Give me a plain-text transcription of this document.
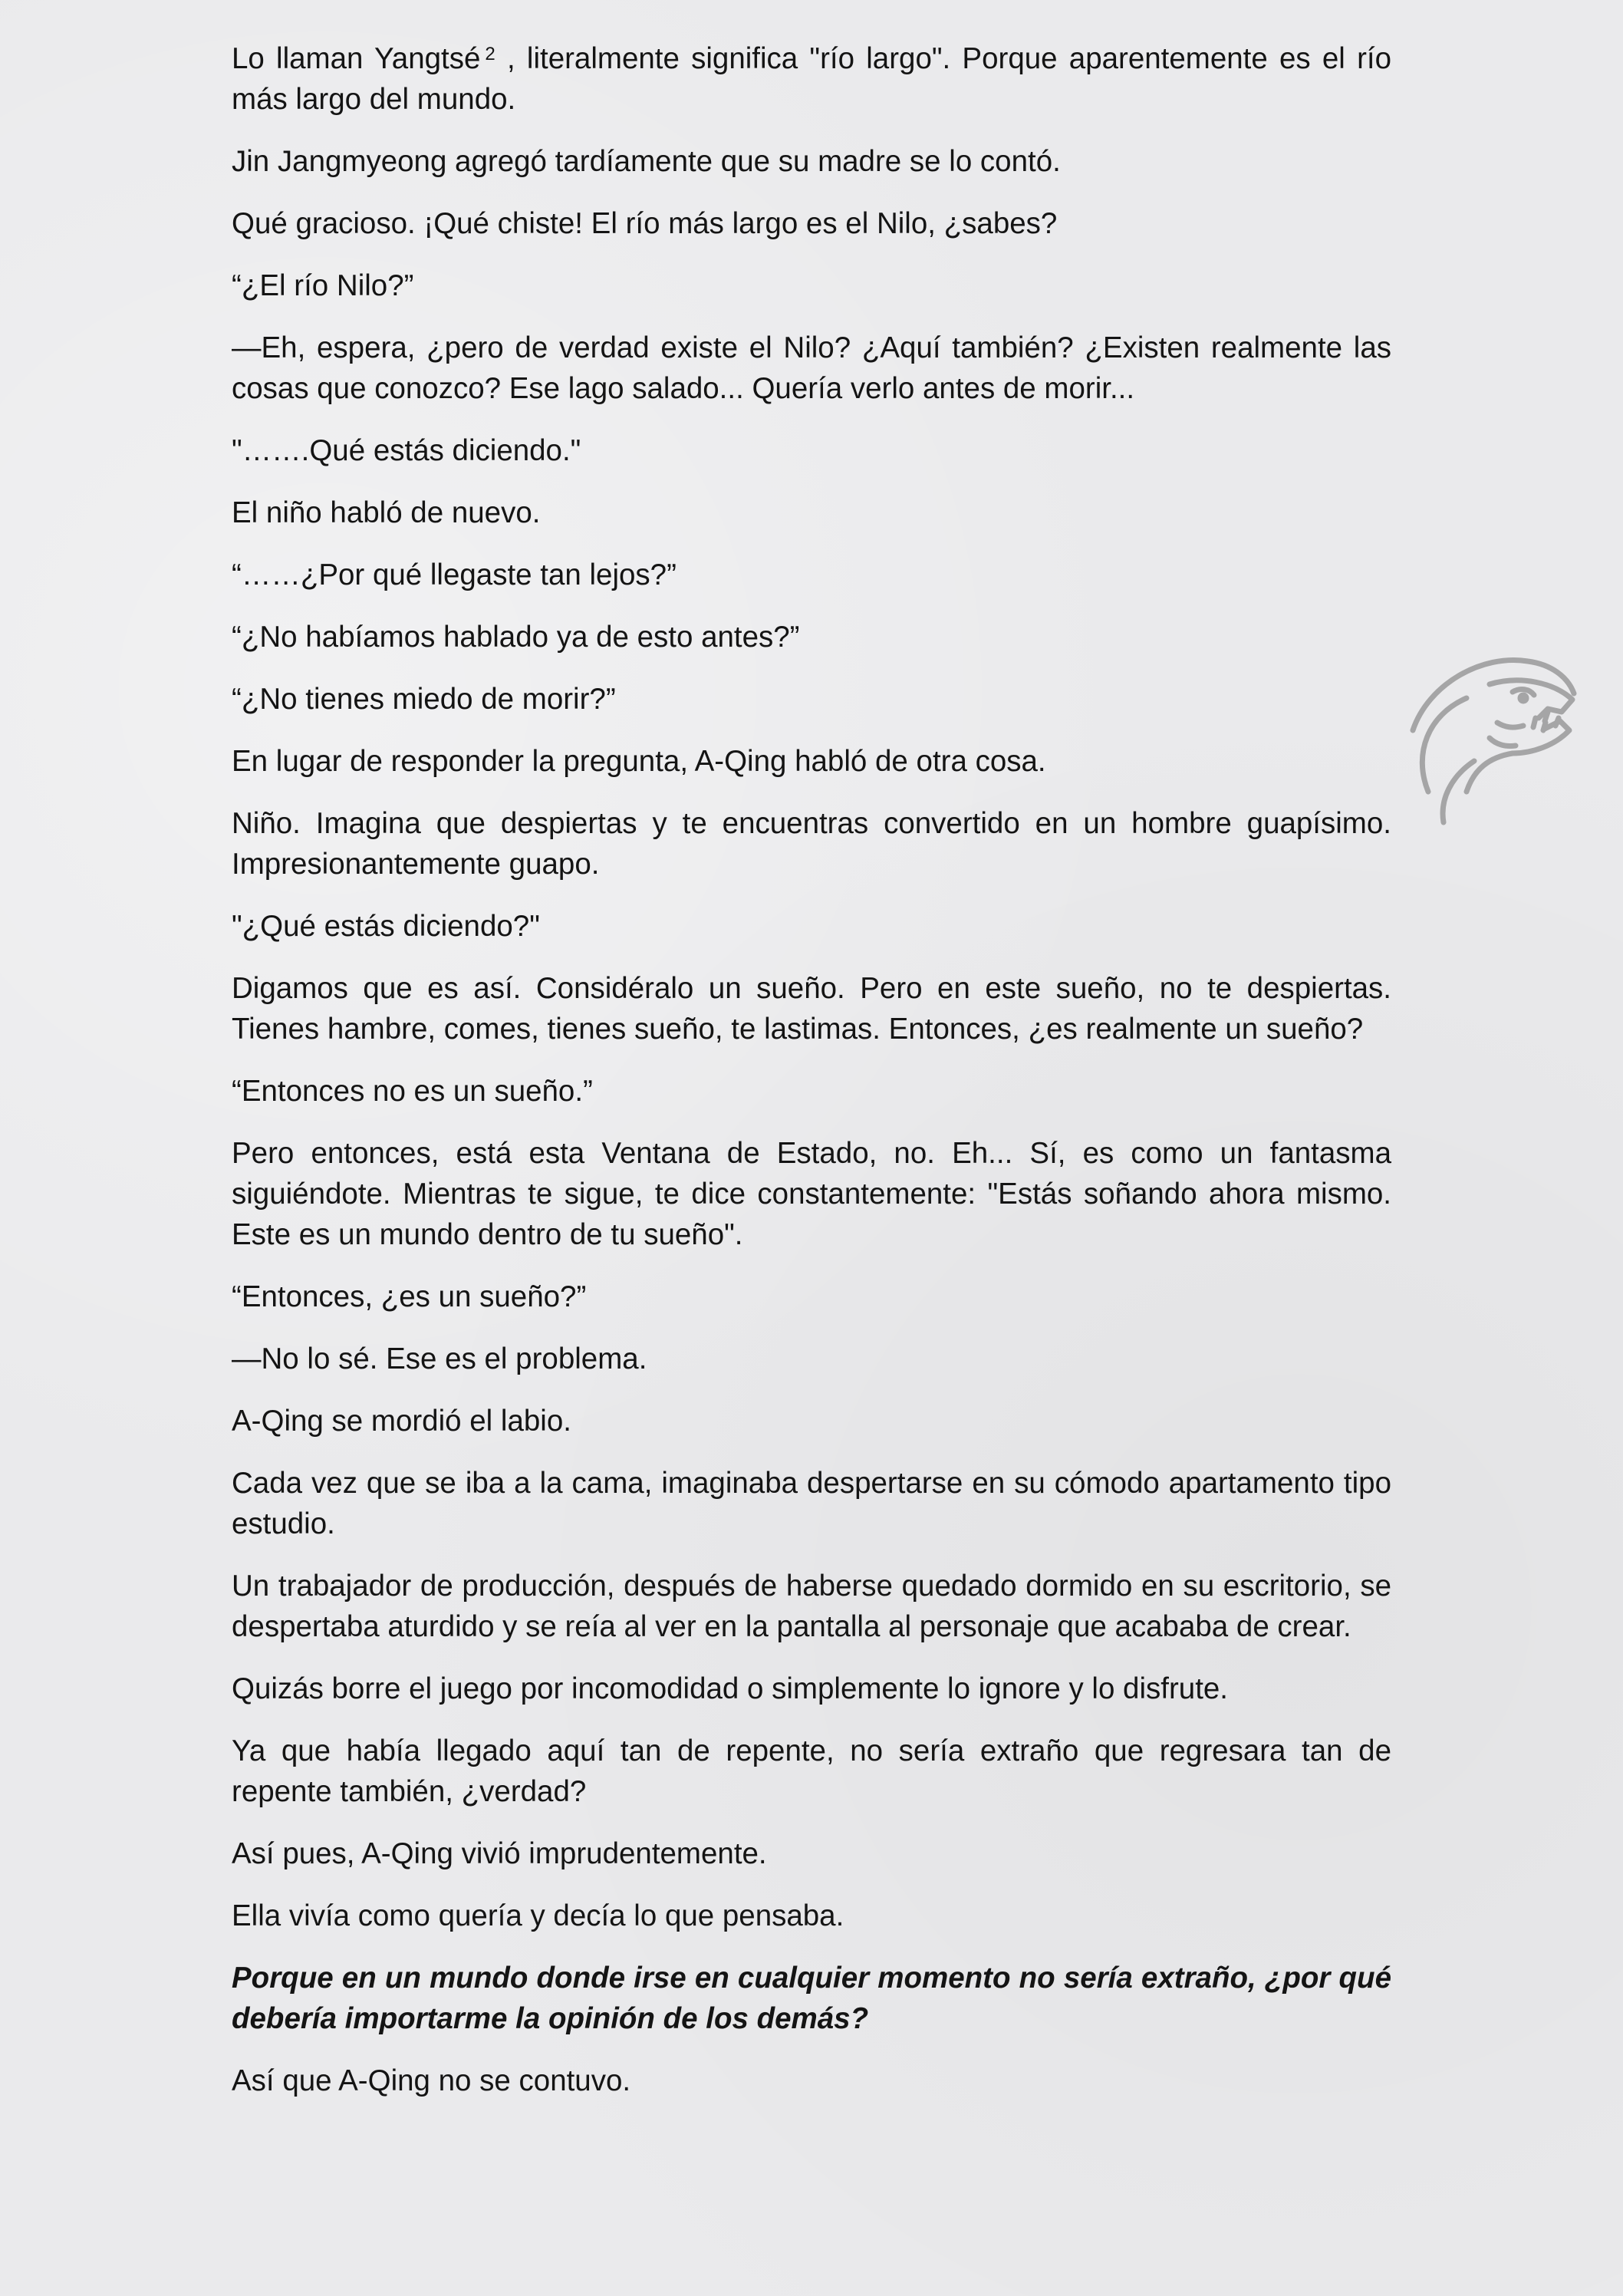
Lo llaman Yangtsé $^2$ , literalmente significa "río largo". Porque aparentemente es el río más largo del mundo.

Jin Jangmyeong agregó tardíamente que su madre se lo contó.

Qué gracioso. ¡Qué chiste! El río más largo es el Nilo, ¿sabes?

“¿El río Nilo?”

—Eh, espera, ¿pero de verdad existe el Nilo? ¿Aquí también? ¿Existen realmente las cosas que conozco? Ese lago salado... Quería verlo antes de morir...

"…….Qué estás diciendo."

El niño habló de nuevo.

“……¿Por qué llegaste tan lejos?”

“¿No habíamos hablado ya de esto antes?”

“¿No tienes miedo de morir?”

En lugar de responder la pregunta, A-Qing habló de otra cosa.

Niño. Imagina que despiertas y te encuentras convertido en un hombre guapísimo. Impresionantemente guapo.

"¿Qué estás diciendo?"

Digamos que es así. Considéralo un sueño. Pero en este sueño, no te despiertas. Tienes hambre, comes, tienes sueño, te lastimas. Entonces, ¿es realmente un sueño?

“Entonces no es un sueño.”

Pero entonces, está esta Ventana de Estado, no. Eh... Sí, es como un fantasma siguiéndote. Mientras te sigue, te dice constantemente: "Estás soñando ahora mismo. Este es un mundo dentro de tu sueño".

“Entonces, ¿es un sueño?”

—No lo sé. Ese es el problema.

A-Qing se mordió el labio.

Cada vez que se iba a la cama, imaginaba despertarse en su cómodo apartamento tipo estudio.

Un trabajador de producción, después de haberse quedado dormido en su escritorio, se despertaba aturdido y se reía al ver en la pantalla al personaje que acababa de crear.

Quizás borre el juego por incomodidad o simplemente lo ignore y lo disfrute.

Ya que había llegado aquí tan de repente, no sería extraño que regresara tan de repente también, ¿verdad?

Así pues, A-Qing vivió imprudentemente.

Ella vivía como quería y decía lo que pensaba.

Porque en un mundo donde irse en cualquier momento no sería extraño, ¿por qué debería importarme la opinión de los demás?

Así que A-Qing no se contuvo.
